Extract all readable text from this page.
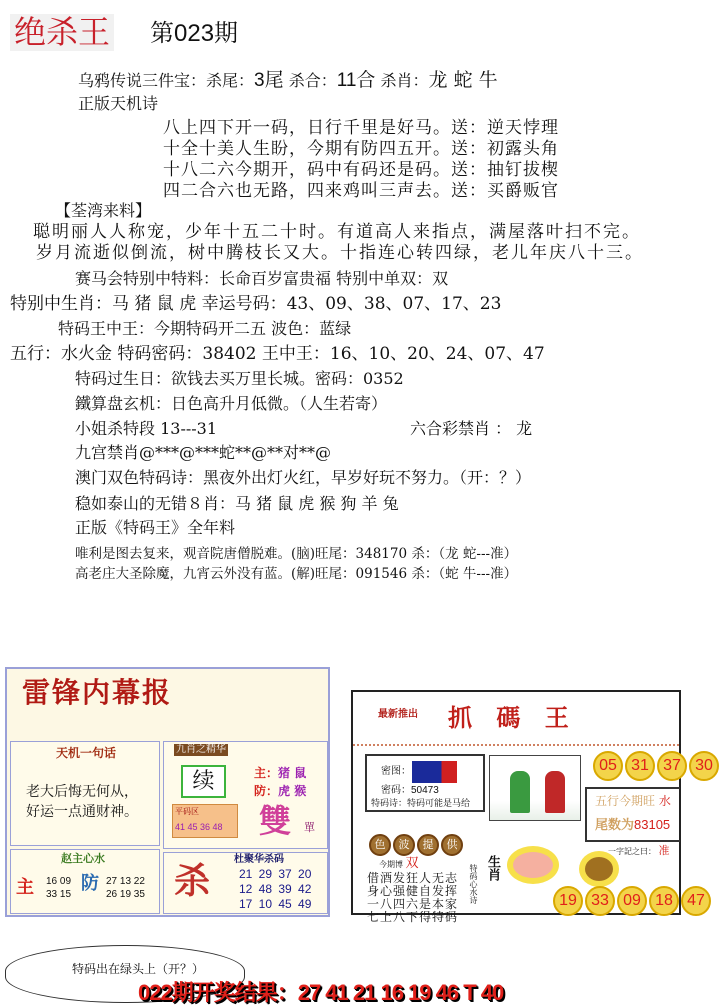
绝杀王 第023期
乌鸦传说三件宝：杀尾：3尾 杀合：11合 杀肖：龙 蛇 牛
正版天机诗
八上四下开一码，日行千里是好马。送：逆天悖理
十全十美人生盼，今期有防四五开。送：初露头角
十八二六今期开，码中有码还是码。送：抽钉拔楔
四二合六也无路，四来鸡叫三声去。送：买爵贩官
【荃湾来料】
聪明丽人人称宠，少年十五二十时。有道高人来指点，满屋落叶扫不完。
岁月流逝似倒流，树中腾枝长又大。十指连心转四绿，老儿年庆八十三。
赛马会特别中特料：长命百岁富贵福 特别中单双：双
特别中生肖：马 猪 鼠 虎 幸运号码：43、09、38、07、17、23
特码王中王：今期特码开二五 波色：蓝绿
五行：水火金 特码密码：38402 王中王：16、10、20、24、07、47
特码过生日：欲钱去买万里长城。密码：0352
鐵算盘玄机：日色高升月低微。（人生若寄）
小姐杀特段 13---31	六合彩禁肖 ： 龙
九宫禁肖@***@***蛇**@**对**@
澳门双色特码诗：黑夜外出灯火红，早岁好玩不努力。（开：？）
稳如泰山的无错８肖：马 猪 鼠 虎 猴 狗 羊 兔
正版《特码王》全年料
唯利是图去复来，观音院唐僧脱难。(脑)旺尾：348170 杀：（龙 蛇---准）
高老庄大圣除魔，九宵云外没有蓝。(解)旺尾：091546 杀：（蛇 牛---准）
雷锋内幕报
天机一句话
老大后悔无何从，
好运一点通财神。
赵主心水
主 16 09
33 15
防 27 13 22
26 19 35
九肖之精华
续
平码区
41 45 36 48
主：猪 鼠
防：虎 猴
雙 單
杀
杜聚华杀码
21 29 37 20
12 48 39 42
17 10 45 49
最新推出 抓 碼 王
密图：
密码：50473
特码诗：特码可能是马给
05 31 37 30
五行今期旺 水
尾数为83105
色 波 提 供
今期博 双
借酒发狂人无志
身心强健自发挥
一八四六是本家
七上八下得特码
生肖
特码心水诗
一字記之曰： 准
19 33 09 18 47
特码出在绿头上（开？）
022期开奖结果：27 41 21 16 19 46 T 40
